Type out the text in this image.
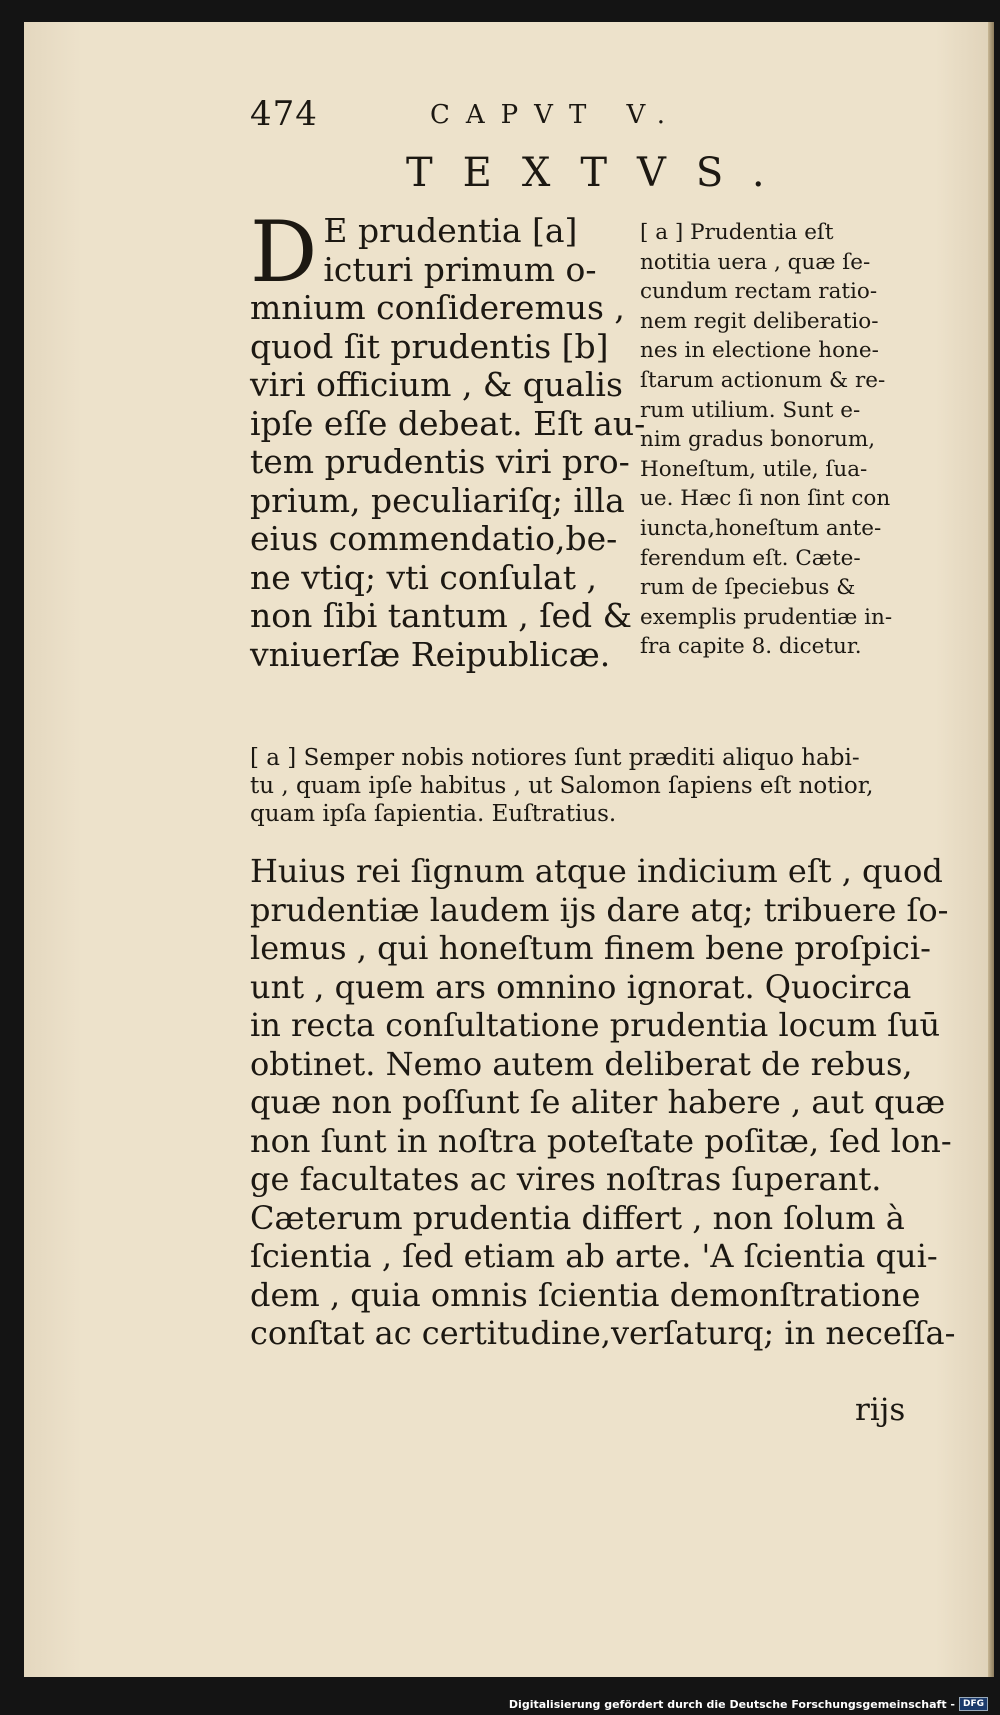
474	CAPVT V.
TEXTVS.
D E prudentia [a]
icturi primum o-
mnium conſideremus ,
quod ſit prudentis [b]
viri officium , & qualis
ipſe eſſe debeat. Eſt au-
tem prudentis viri pro-
prium, peculiariſq; illa
eius commendatio,be-
ne vtiq; vti conſulat ,
non ſibi tantum , ſed &
vniuerſæ Reipublicæ.
[ a ] Prudentia eſt
notitia uera , quæ ſe-
cundum rectam ratio-
nem regit deliberatio-
nes in electione hone-
ſtarum actionum & re-
rum utilium. Sunt e-
nim gradus bonorum,
Honeſtum, utile, ſua-
ue. Hæc ſi non ſint con
iuncta,honeſtum ante-
ferendum eſt. Cæte-
rum de ſpeciebus &
exemplis prudentiæ in-
fra capite 8. dicetur.
[ a ] Semper nobis notiores ſunt præditi aliquo habi-
tu , quam ipſe habitus , ut Salomon ſapiens eſt notior,
quam ipſa ſapientia. Euſtratius.
Huius rei ſignum atque indicium eſt , quod
prudentiæ laudem ijs dare atq; tribuere ſo-
lemus , qui honeſtum finem bene proſpici-
unt , quem ars omnino ignorat. Quocirca
in recta conſultatione prudentia locum ſuū
obtinet. Nemo autem deliberat de rebus,
quæ non poſſunt ſe aliter habere , aut quæ
non ſunt in noſtra poteſtate poſitæ, ſed lon-
ge facultates ac vires noſtras ſuperant.
Cæterum prudentia differt , non ſolum à
ſcientia , ſed etiam ab arte. 'A ſcientia qui-
dem , quia omnis ſcientia demonſtratione
conſtat ac certitudine,verſaturq; in neceſſa-
rijs
Digitalisierung gefördert durch die Deutsche Forschungsgemeinschaft - DFG
